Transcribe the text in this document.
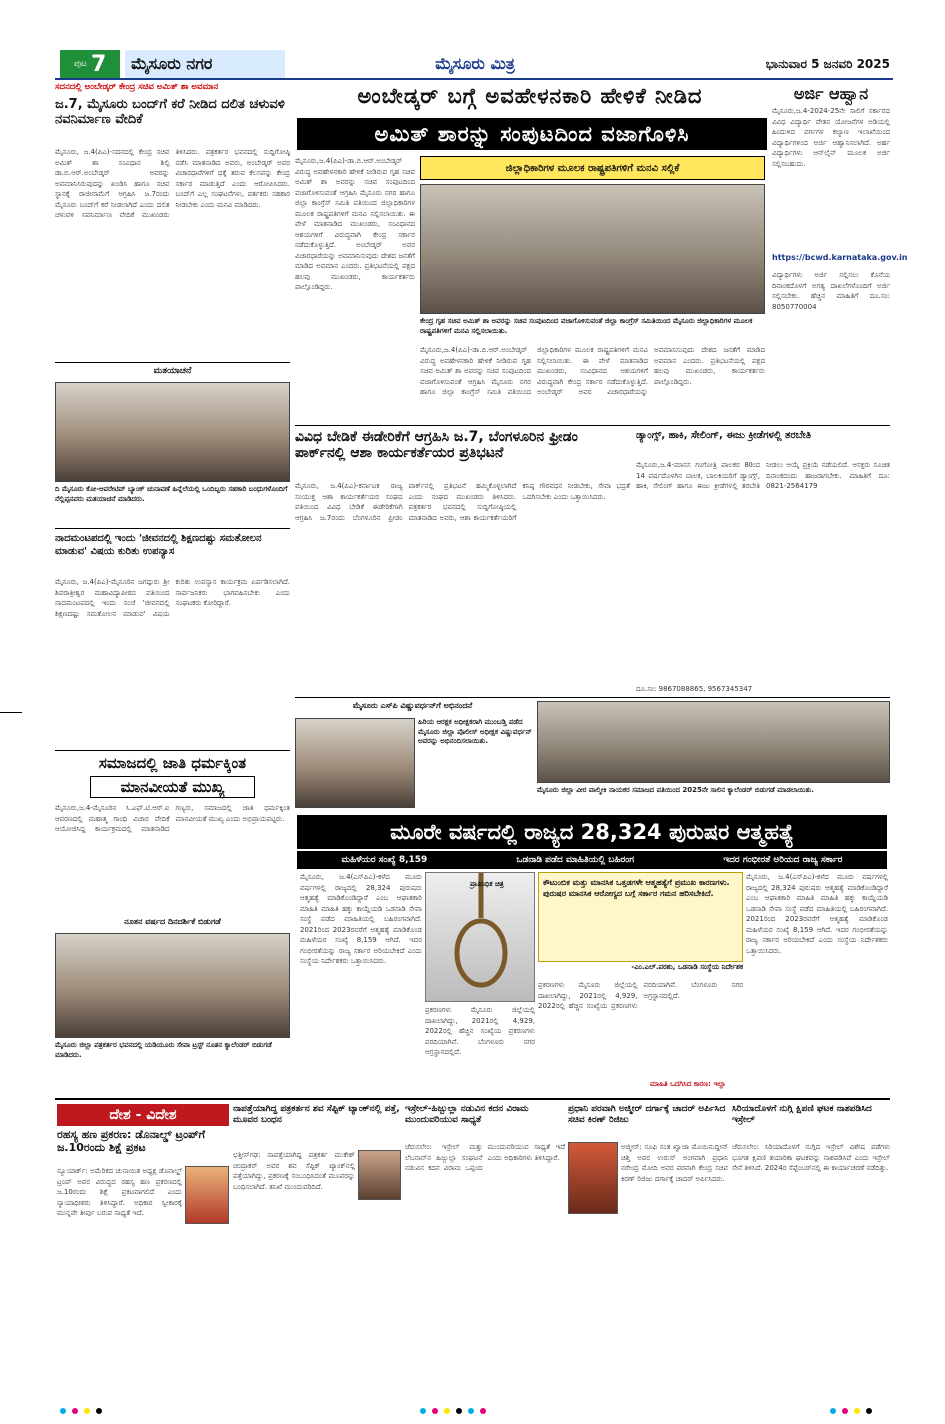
ಪುಟ 7	ಮೈಸೂರು ನಗರ	ಮೈಸೂರು ಮಿತ್ರ	ಭಾನುವಾರ 5 ಜನವರಿ 2025
ಸದನದಲ್ಲಿ ಅಂಬೇಡ್ಕರ್ ಕೇಂದ್ರ ಸಚಿವ ಅಮಿತ್ ಶಾ ಅವಮಾನ
ಜ.7, ಮೈಸೂರು ಬಂದ್‌ಗೆ ಕರೆ ನೀಡಿದ ದಲಿತ ಚಳುವಳಿ ನವನಿರ್ಮಾಣ ವೇದಿಕೆ
ಮೈಸೂರು, ಜ.4(ಪಿಎ)-ಸದನದಲ್ಲಿ ಕೇಂದ್ರ ಸಚಿವ ಅಮಿತ್ ಶಾ ಸಂವಿಧಾನ ಶಿಲ್ಪಿ ಡಾ.ಬಿ.ಆರ್.ಅಂಬೇಡ್ಕರ್ ಅವರನ್ನು ಅವಮಾನಿಸಿರುವುದನ್ನು ಖಂಡಿಸಿ ಹಾಗೂ ಸಚಿವ ಸ್ಥಾನಕ್ಕೆ ರಾಜೀನಾಮೆಗೆ ಆಗ್ರಹಿಸಿ ಜ.7ರಂದು ಮೈಸೂರು ಬಂದ್‌ಗೆ ಕರೆ ನೀಡಲಾಗಿದೆ ಎಂದು ದಲಿತ ಚಳುವಳಿ ನವನಿರ್ಮಾಣ ವೇದಿಕೆ ಮುಖಂಡರು ತಿಳಿಸಿದರು. ಪತ್ರಕರ್ತರ ಭವನದಲ್ಲಿ ಸುದ್ದಿಗೋಷ್ಠಿ ನಡೆಸಿ ಮಾತನಾಡಿದ ಅವರು, ಅಂಬೇಡ್ಕರ್ ಅವರ ವಿಚಾರಧಾರೆಗಳಿಗೆ ಧಕ್ಕೆ ತರುವ ಕೆಲಸವನ್ನು ಕೇಂದ್ರ ಸರ್ಕಾರ ಮಾಡುತ್ತಿದೆ ಎಂದು ಆರೋಪಿಸಿದರು. ಬಂದ್‌ಗೆ ಎಲ್ಲ ಸಂಘಟನೆಗಳು, ವರ್ತಕರು ಸಹಕಾರ ನೀಡಬೇಕು ಎಂದು ಮನವಿ ಮಾಡಿದರು.
ಮತಯಾಚನೆ
ದಿ ಮೈಸೂರು ಕೋ-ಆಪರೇಟಿವ್ ಬ್ಯಾಂಕ್ ಚುನಾವಣೆ ಹಿನ್ನೆಲೆಯಲ್ಲಿ ಒಂದಿಬ್ಬರು ಸಹಕಾರಿ ಬಂಧುಗಳೊಂದಿಗೆ ನೆಲ್ಲಿಪ್ಪನವರು ಮತಯಾಚನೆ ಮಾಡಿದರು.
ನಾದಮಂಟಪದಲ್ಲಿ ಇಂದು 'ಜೀವನದಲ್ಲಿ ಶಿಕ್ಷಣದಷ್ಟು ಸಮತೋಲನ ಮಾಡುವ' ವಿಷಯ ಕುರಿತು ಉಪನ್ಯಾಸ
ಮೈಸೂರು, ಜ.4(ಪಿಎ)-ಮೈಸೂರಿನ ಜಗದ್ಗುರು ಶ್ರೀ ಶಿವರಾತ್ರೀಶ್ವರ ಮಹಾವಿದ್ಯಾಪೀಠದ ವತಿಯಿಂದ ನಾದಮಂಟಪದಲ್ಲಿ ಇಂದು ಸಂಜೆ 'ಜೀವನದಲ್ಲಿ ಶಿಕ್ಷಣದಷ್ಟು ಸಮತೋಲನ ಮಾಡುವ' ವಿಷಯ ಕುರಿತು ಉಪನ್ಯಾಸ ಕಾರ್ಯಕ್ರಮ ಏರ್ಪಡಿಸಲಾಗಿದೆ. ಸಾರ್ವಜನಿಕರು ಭಾಗವಹಿಸಬೇಕು ಎಂದು ಸಂಘಟಕರು ಕೋರಿದ್ದಾರೆ.
ಸಮಾಜದಲ್ಲಿ ಜಾತಿ ಧರ್ಮಕ್ಕಿಂತ
ಮಾನವೀಯತೆ ಮುಖ್ಯ
ಮೈಸೂರು,ಜ.4-ಮೈಸೂರಿನ ಸಿ.ಎಫ್.ಟಿ.ಆರ್.ಐ ಆವರಣದಲ್ಲಿ ಮಹಾತ್ಮ ಗಾಂಧಿ ವಿಚಾರ ವೇದಿಕೆ ಆಯೋಜಿಸಿದ್ದ ಕಾರ್ಯಕ್ರಮದಲ್ಲಿ ಮಾತನಾಡಿದ ಗಣ್ಯರು, ಸಮಾಜದಲ್ಲಿ ಜಾತಿ ಧರ್ಮಕ್ಕಿಂತ ಮಾನವೀಯತೆ ಮುಖ್ಯ ಎಂದು ಅಭಿಪ್ರಾಯಪಟ್ಟರು.
ನೂತನ ವರ್ಷದ ದಿನದರ್ಶಿಕೆ ಬಿಡುಗಡೆ
ಮೈಸೂರು ಜಿಲ್ಲಾ ಪತ್ರಕರ್ತರ ಭವನದಲ್ಲಿ ಯಡಿಯೂರು ಸೇವಾ ಟ್ರಸ್ಟ್ ನೂತನ ಕ್ಯಾಲೆಂಡರ್ ಬಿಡುಗಡೆ ಮಾಡಿದರು.
ಅಂಬೇಡ್ಕರ್ ಬಗ್ಗೆ ಅವಹೇಳನಕಾರಿ ಹೇಳಿಕೆ ನೀಡಿದ
ಅಮಿತ್ ಶಾರನ್ನು ಸಂಪುಟದಿಂದ ವಜಾಗೊಳಿಸಿ
ಜಿಲ್ಲಾಧಿಕಾರಿಗಳ ಮೂಲಕ ರಾಷ್ಟ್ರಪತಿಗಳಿಗೆ ಮನವಿ ಸಲ್ಲಿಕೆ
ಮೈಸೂರು,ಜ.4(ಪಿಎ)-ಡಾ.ಬಿ.ಆರ್.ಅಂಬೇಡ್ಕರ್ ವಿರುದ್ಧ ಅವಹೇಳನಕಾರಿ ಹೇಳಿಕೆ ನೀಡಿರುವ ಗೃಹ ಸಚಿವ ಅಮಿತ್ ಶಾ ಅವರನ್ನು ಸಚಿವ ಸಂಪುಟದಿಂದ ವಜಾಗೊಳಿಸುವಂತೆ ಆಗ್ರಹಿಸಿ ಮೈಸೂರು ನಗರ ಹಾಗೂ ಜಿಲ್ಲಾ ಕಾಂಗ್ರೆಸ್ ಸಮಿತಿ ವತಿಯಿಂದ ಜಿಲ್ಲಾಧಿಕಾರಿಗಳ ಮೂಲಕ ರಾಷ್ಟ್ರಪತಿಗಳಿಗೆ ಮನವಿ ಸಲ್ಲಿಸಲಾಯಿತು. ಈ ವೇಳೆ ಮಾತನಾಡಿದ ಮುಖಂಡರು, ಸಂವಿಧಾನದ ಆಶಯಗಳಿಗೆ ವಿರುದ್ಧವಾಗಿ ಕೇಂದ್ರ ಸರ್ಕಾರ ನಡೆದುಕೊಳ್ಳುತ್ತಿದೆ. ಅಂಬೇಡ್ಕರ್ ಅವರ ವಿಚಾರಧಾರೆಯನ್ನು ಅವಮಾನಿಸುವುದು ದೇಶದ ಜನತೆಗೆ ಮಾಡಿದ ಅವಮಾನ ಎಂದರು. ಪ್ರತಿಭಟನೆಯಲ್ಲಿ ಪಕ್ಷದ ಹಲವು ಮುಖಂಡರು, ಕಾರ್ಯಕರ್ತರು ಪಾಲ್ಗೊಂಡಿದ್ದರು.
ಕೇಂದ್ರ ಗೃಹ ಸಚಿವ ಅಮಿತ್ ಶಾ ಅವರನ್ನು ಸಚಿವ ಸಂಪುಟದಿಂದ ವಜಾಗೊಳಿಸುವಂತೆ ಜಿಲ್ಲಾ ಕಾಂಗ್ರೆಸ್ ಸಮಿತಿಯಿಂದ ಮೈಸೂರು ಜಿಲ್ಲಾಧಿಕಾರಿಗಳ ಮೂಲಕ ರಾಷ್ಟ್ರಪತಿಗಳಿಗೆ ಮನವಿ ಸಲ್ಲಿಸಲಾಯಿತು.
ಮೈಸೂರು,ಜ.4(ಪಿಎ)-ಡಾ.ಬಿ.ಆರ್.ಅಂಬೇಡ್ಕರ್ ವಿರುದ್ಧ ಅವಹೇಳನಕಾರಿ ಹೇಳಿಕೆ ನೀಡಿರುವ ಗೃಹ ಸಚಿವ ಅಮಿತ್ ಶಾ ಅವರನ್ನು ಸಚಿವ ಸಂಪುಟದಿಂದ ವಜಾಗೊಳಿಸುವಂತೆ ಆಗ್ರಹಿಸಿ ಮೈಸೂರು ನಗರ ಹಾಗೂ ಜಿಲ್ಲಾ ಕಾಂಗ್ರೆಸ್ ಸಮಿತಿ ವತಿಯಿಂದ ಜಿಲ್ಲಾಧಿಕಾರಿಗಳ ಮೂಲಕ ರಾಷ್ಟ್ರಪತಿಗಳಿಗೆ ಮನವಿ ಸಲ್ಲಿಸಲಾಯಿತು. ಈ ವೇಳೆ ಮಾತನಾಡಿದ ಮುಖಂಡರು, ಸಂವಿಧಾನದ ಆಶಯಗಳಿಗೆ ವಿರುದ್ಧವಾಗಿ ಕೇಂದ್ರ ಸರ್ಕಾರ ನಡೆದುಕೊಳ್ಳುತ್ತಿದೆ. ಅಂಬೇಡ್ಕರ್ ಅವರ ವಿಚಾರಧಾರೆಯನ್ನು ಅವಮಾನಿಸುವುದು ದೇಶದ ಜನತೆಗೆ ಮಾಡಿದ ಅವಮಾನ ಎಂದರು. ಪ್ರತಿಭಟನೆಯಲ್ಲಿ ಪಕ್ಷದ ಹಲವು ಮುಖಂಡರು, ಕಾರ್ಯಕರ್ತರು ಪಾಲ್ಗೊಂಡಿದ್ದರು.
ಅರ್ಜಿ ಆಹ್ವಾನ
ಮೈಸೂರು,ಜ.4-2024-25ನೇ ಸಾಲಿಗೆ ಸರ್ಕಾರದ ವಿವಿಧ ವಿದ್ಯಾರ್ಥಿ ವೇತನ ಯೋಜನೆಗಳ ಅಡಿಯಲ್ಲಿ ಹಿಂದುಳಿದ ವರ್ಗಗಳ ಕಲ್ಯಾಣ ಇಲಾಖೆಯಿಂದ ವಿದ್ಯಾರ್ಥಿಗಳಿಂದ ಅರ್ಜಿ ಆಹ್ವಾನಿಸಲಾಗಿದೆ. ಅರ್ಹ ವಿದ್ಯಾರ್ಥಿಗಳು ಆನ್‌ಲೈನ್ ಮೂಲಕ ಅರ್ಜಿ ಸಲ್ಲಿಸಬಹುದು.
https://bcwd.karnataka.gov.in
ವಿದ್ಯಾರ್ಥಿಗಳು ಅರ್ಜಿ ಸಲ್ಲಿಸಲು ಕೊನೆಯ ದಿನಾಂಕದೊಳಗೆ ಅಗತ್ಯ ದಾಖಲೆಗಳೊಂದಿಗೆ ಅರ್ಜಿ ಸಲ್ಲಿಸಬೇಕು. ಹೆಚ್ಚಿನ ಮಾಹಿತಿಗೆ ದೂ.ಸಂ: 8050770004
ವಿವಿಧ ಬೇಡಿಕೆ ಈಡೇರಿಕೆಗೆ ಆಗ್ರಹಿಸಿ ಜ.7, ಬೆಂಗಳೂರಿನ ಫ್ರೀಡಂ ಪಾರ್ಕ್‌ನಲ್ಲಿ ಆಶಾ ಕಾರ್ಯಕರ್ತೆಯರ ಪ್ರತಿಭಟನೆ
ಮೈಸೂರು, ಜ.4(ಪಿಎ)-ಕರ್ನಾಟಕ ರಾಜ್ಯ ಸಂಯುಕ್ತ ಆಶಾ ಕಾರ್ಯಕರ್ತೆಯರ ಸಂಘದ ವತಿಯಿಂದ ವಿವಿಧ ಬೇಡಿಕೆ ಈಡೇರಿಕೆಗಾಗಿ ಆಗ್ರಹಿಸಿ ಜ.7ರಂದು ಬೆಂಗಳೂರಿನ ಫ್ರೀಡಂ ಪಾರ್ಕ್‌ನಲ್ಲಿ ಪ್ರತಿಭಟನೆ ಹಮ್ಮಿಕೊಳ್ಳಲಾಗಿದೆ ಎಂದು ಸಂಘದ ಮುಖಂಡರು ತಿಳಿಸಿದರು. ಪತ್ರಕರ್ತರ ಭವನದಲ್ಲಿ ಸುದ್ದಿಗೋಷ್ಠಿಯಲ್ಲಿ ಮಾತನಾಡಿದ ಅವರು, ಆಶಾ ಕಾರ್ಯಕರ್ತೆಯರಿಗೆ ಕನಿಷ್ಠ ಗೌರವಧನ ನೀಡಬೇಕು, ಸೇವಾ ಭದ್ರತೆ ಒದಗಿಸಬೇಕು ಎಂದು ಒತ್ತಾಯಿಸಿದರು.
ಡ್ಯಾಂಗ್ಸ್, ಹಾಕಿ, ಸೇಲಿಂಗ್, ಈಜು ಕ್ರೀಡೆಗಳಲ್ಲಿ ತರಬೇತಿ
ಮೈಸೂರು,ಜ.4-ಮಾನಸ ಗಂಗೋತ್ರಿ ಪಾಲಕರ 80ಂದ 14 ವರ್ಷದೊಳಗಿನ ಬಾಲಕ, ಬಾಲಕಿಯರಿಗೆ ಡ್ಯಾಂಗ್ಸ್, ಹಾಕಿ, ಸೇಲಿಂಗ್ ಹಾಗೂ ಈಜು ಕ್ರೀಡೆಗಳಲ್ಲಿ ತರಬೇತಿ ನೀಡಲು ಆಯ್ಕೆ ಪ್ರಕ್ರಿಯೆ ನಡೆಯಲಿದೆ. ಆಸಕ್ತರು ಸೂಚಿತ ದಿನಾಂಕದಂದು ಹಾಜರಾಗಬೇಕು. ಮಾಹಿತಿಗೆ ದೂ: 0821-2564179
ದೂ.ಸಂ: 9867088865, 9567345347
ಮೈಸೂರು ಎಸ್‌ಪಿ ವಿಷ್ಣುವರ್ಧನ್‌ಗೆ ಅಭಿನಂದನೆ
ಹಿರಿಯ ಆರಕ್ಷಕ ಅಧೀಕ್ಷಕರಾಗಿ ಮುಂಬಡ್ತಿ ಪಡೆದ ಮೈಸೂರು ಜಿಲ್ಲಾ ಪೊಲೀಸ್ ಅಧೀಕ್ಷಕ ವಿಷ್ಣುವರ್ಧನ್ ಅವರನ್ನು ಅಭಿನಂದಿಸಲಾಯಿತು.
ಮೈಸೂರು ಜಿಲ್ಲಾ ವೀರ ವಾಲ್ಮೀಕಿ ನಾಯಕರ ಸಮಾಜದ ವತಿಯಿಂದ 2025ನೇ ಸಾಲಿನ ಕ್ಯಾಲೆಂಡರ್ ಬಿಡುಗಡೆ ಮಾಡಲಾಯಿತು.
ಮೂರೇ ವರ್ಷದಲ್ಲಿ ರಾಜ್ಯದ 28,324 ಪುರುಷರ ಆತ್ಮಹತ್ಯೆ
ಮಹಿಳೆಯರ ಸಂಖ್ಯೆ 8,159	ಒಡನಾಡಿ ಪಡೆದ ಮಾಹಿತಿಯಲ್ಲಿ ಬಹಿರಂಗ	ಇದರ ಗಂಭೀರತೆ ಅರಿಯದ ರಾಜ್ಯ ಸರ್ಕಾರ
ಮೈಸೂರು, ಜ.4(ಎಸ್‌ಪಿಎ)-ಕಳೆದ ಮೂರು ವರ್ಷಗಳಲ್ಲಿ ರಾಜ್ಯದಲ್ಲಿ 28,324 ಪುರುಷರು ಆತ್ಮಹತ್ಯೆ ಮಾಡಿಕೊಂಡಿದ್ದಾರೆ ಎಂಬ ಆಘಾತಕಾರಿ ಮಾಹಿತಿ ಮಾಹಿತಿ ಹಕ್ಕು ಕಾಯ್ದೆಯಡಿ ಒಡನಾಡಿ ಸೇವಾ ಸಂಸ್ಥೆ ಪಡೆದ ಮಾಹಿತಿಯಲ್ಲಿ ಬಹಿರಂಗವಾಗಿದೆ. 2021ರಿಂದ 2023ರವರೆಗೆ ಆತ್ಮಹತ್ಯೆ ಮಾಡಿಕೊಂಡ ಮಹಿಳೆಯರ ಸಂಖ್ಯೆ 8,159 ಆಗಿದೆ. ಇದರ ಗಂಭೀರತೆಯನ್ನು ರಾಜ್ಯ ಸರ್ಕಾರ ಅರಿಯಬೇಕಿದೆ ಎಂದು ಸಂಸ್ಥೆಯ ನಿರ್ದೇಶಕರು ಒತ್ತಾಯಿಸಿದರು.
ಪ್ರಾತಿನಿಧಿಕ ಚಿತ್ರ
ಪ್ರಕರಣಗಳು ಮೈಸೂರು ಜಿಲ್ಲೆಯಲ್ಲಿ ದಾಖಲಾಗಿದ್ದು, 2021ರಲ್ಲಿ 4,929, 2022ರಲ್ಲಿ ಹೆಚ್ಚಿನ ಸಂಖ್ಯೆಯ ಪ್ರಕರಣಗಳು ವರದಿಯಾಗಿವೆ. ಬೆಂಗಳೂರು ನಗರ ಅಗ್ರಸ್ಥಾನದಲ್ಲಿದೆ.
ಕೌಟುಂಬಿಕ ಮತ್ತು ಮಾನಸಿಕ ಒತ್ತಡಗಳೇ ಆತ್ಮಹತ್ಯೆಗೆ ಪ್ರಮುಖ ಕಾರಣಗಳು. ಪುರುಷರ ಮಾನಸಿಕ ಆರೋಗ್ಯದ ಬಗ್ಗೆ ಸರ್ಕಾರ ಗಮನ ಹರಿಸಬೇಕಿದೆ.
-ಎಂ.ಎಲ್.ಪರಶು, ಒಡನಾಡಿ ಸಂಸ್ಥೆಯ ನಿರ್ದೇಶಕ
ಪ್ರಕರಣಗಳು ಮೈಸೂರು ಜಿಲ್ಲೆಯಲ್ಲಿ ದಾಖಲಾಗಿದ್ದು, 2021ರಲ್ಲಿ 4,929, 2022ರಲ್ಲಿ ಹೆಚ್ಚಿನ ಸಂಖ್ಯೆಯ ಪ್ರಕರಣಗಳು ವರದಿಯಾಗಿವೆ. ಬೆಂಗಳೂರು ನಗರ ಅಗ್ರಸ್ಥಾನದಲ್ಲಿದೆ.
ಮೈಸೂರು, ಜ.4(ಎಸ್‌ಪಿಎ)-ಕಳೆದ ಮೂರು ವರ್ಷಗಳಲ್ಲಿ ರಾಜ್ಯದಲ್ಲಿ 28,324 ಪುರುಷರು ಆತ್ಮಹತ್ಯೆ ಮಾಡಿಕೊಂಡಿದ್ದಾರೆ ಎಂಬ ಆಘಾತಕಾರಿ ಮಾಹಿತಿ ಮಾಹಿತಿ ಹಕ್ಕು ಕಾಯ್ದೆಯಡಿ ಒಡನಾಡಿ ಸೇವಾ ಸಂಸ್ಥೆ ಪಡೆದ ಮಾಹಿತಿಯಲ್ಲಿ ಬಹಿರಂಗವಾಗಿದೆ. 2021ರಿಂದ 2023ರವರೆಗೆ ಆತ್ಮಹತ್ಯೆ ಮಾಡಿಕೊಂಡ ಮಹಿಳೆಯರ ಸಂಖ್ಯೆ 8,159 ಆಗಿದೆ. ಇದರ ಗಂಭೀರತೆಯನ್ನು ರಾಜ್ಯ ಸರ್ಕಾರ ಅರಿಯಬೇಕಿದೆ ಎಂದು ಸಂಸ್ಥೆಯ ನಿರ್ದೇಶಕರು ಒತ್ತಾಯಿಸಿದರು.
ಮಾಹಿತಿ ಒದಗಿಸಿದ ಕಾರಣ: ಇಲ್ಲಾ
ದೇಶ - ವಿದೇಶ
ರಹಸ್ಯ ಹಣ ಪ್ರಕರಣ: ಡೊನಾಲ್ಡ್ ಟ್ರಂಪ್‌ಗೆ ಜ.10ರಂದು ಶಿಕ್ಷೆ ಪ್ರಕಟ
ನ್ಯೂಯಾರ್ಕ್: ಅಮೆರಿಕದ ಚುನಾಯಿತ ಅಧ್ಯಕ್ಷ ಡೊನಾಲ್ಡ್ ಟ್ರಂಪ್ ಅವರ ವಿರುದ್ಧದ ರಹಸ್ಯ ಹಣ ಪ್ರಕರಣದಲ್ಲಿ ಜ.10ರಂದು ಶಿಕ್ಷೆ ಪ್ರಕಟವಾಗಲಿದೆ ಎಂದು ನ್ಯಾಯಾಧೀಶರು ತಿಳಿಸಿದ್ದಾರೆ. ಅಧಿಕಾರ ಸ್ವೀಕಾರಕ್ಕೆ ಮುನ್ನವೇ ತೀರ್ಪು ಬರುವ ಸಾಧ್ಯತೆ ಇದೆ.
ನಾಪತ್ತೆಯಾಗಿದ್ದ ಪತ್ರಕರ್ತನ ಶವ ಸೆಪ್ಟಿಕ್ ಟ್ಯಾಂಕ್‌ನಲ್ಲಿ ಪತ್ತೆ, ಮೂವರ ಬಂಧನ
ಛತ್ತೀಸ್‌ಗಢ: ನಾಪತ್ತೆಯಾಗಿದ್ದ ಪತ್ರಕರ್ತ ಮುಕೇಶ್ ಚಂದ್ರಾಕರ್ ಅವರ ಶವ ಸೆಪ್ಟಿಕ್ ಟ್ಯಾಂಕ್‌ನಲ್ಲಿ ಪತ್ತೆಯಾಗಿದ್ದು, ಪ್ರಕರಣಕ್ಕೆ ಸಂಬಂಧಿಸಿದಂತೆ ಮೂವರನ್ನು ಬಂಧಿಸಲಾಗಿದೆ. ತನಿಖೆ ಮುಂದುವರಿದಿದೆ.
ಇಸ್ರೇಲ್-ಹಿಜ್ಬುಲ್ಲಾ ನಡುವಿನ ಕದನ ವಿರಾಮ ಮುಂದುವರಿಯುವ ಸಾಧ್ಯತೆ
ಜೆರುಸಲೇಂ: ಇಸ್ರೇಲ್ ಮತ್ತು ಲೆಬನಾನ್‌ನ ಹಿಜ್ಬುಲ್ಲಾ ಸಂಘಟನೆ ನಡುವಿನ ಕದನ ವಿರಾಮ ಒಪ್ಪಂದ ಮುಂದುವರಿಯುವ ಸಾಧ್ಯತೆ ಇದೆ ಎಂದು ಅಧಿಕಾರಿಗಳು ತಿಳಿಸಿದ್ದಾರೆ.
ಪ್ರಧಾನಿ ಪರವಾಗಿ ಅಜ್ಮೀರ್ ದರ್ಗಾಕ್ಕೆ ಚಾದರ್ ಅರ್ಪಿಸಿದ ಸಚಿವ ಕಿರಣ್ ರಿಜಿಜು
ಅಜ್ಮೀರ್: ಸೂಫಿ ಸಂತ ಖ್ವಾಜಾ ಮೊಯಿನುದ್ದೀನ್ ಚಿಶ್ತಿ ಅವರ ಉರುಸ್ ಅಂಗವಾಗಿ ಪ್ರಧಾನಿ ನರೇಂದ್ರ ಮೋದಿ ಅವರ ಪರವಾಗಿ ಕೇಂದ್ರ ಸಚಿವ ಕಿರಣ್ ರಿಜಿಜು ದರ್ಗಾಕ್ಕೆ ಚಾದರ್ ಅರ್ಪಿಸಿದರು.
ಸಿರಿಯಾದೊಳಗೆ ನುಗ್ಗಿ ಕ್ಷಿಪಣಿ ಘಟಕ ನಾಶಪಡಿಸಿದ ಇಸ್ರೇಲ್
ಜೆರುಸಲೇಂ: ಸಿರಿಯಾದೊಳಗೆ ನುಗ್ಗಿದ ಇಸ್ರೇಲ್ ವಿಶೇಷ ಪಡೆಗಳು ಭೂಗತ ಕ್ಷಿಪಣಿ ತಯಾರಿಕಾ ಘಟಕವನ್ನು ನಾಶಪಡಿಸಿವೆ ಎಂದು ಇಸ್ರೇಲ್ ಸೇನೆ ತಿಳಿಸಿದೆ. 2024ರ ಸೆಪ್ಟೆಂಬರ್‌ನಲ್ಲಿ ಈ ಕಾರ್ಯಾಚರಣೆ ನಡೆದಿತ್ತು.
